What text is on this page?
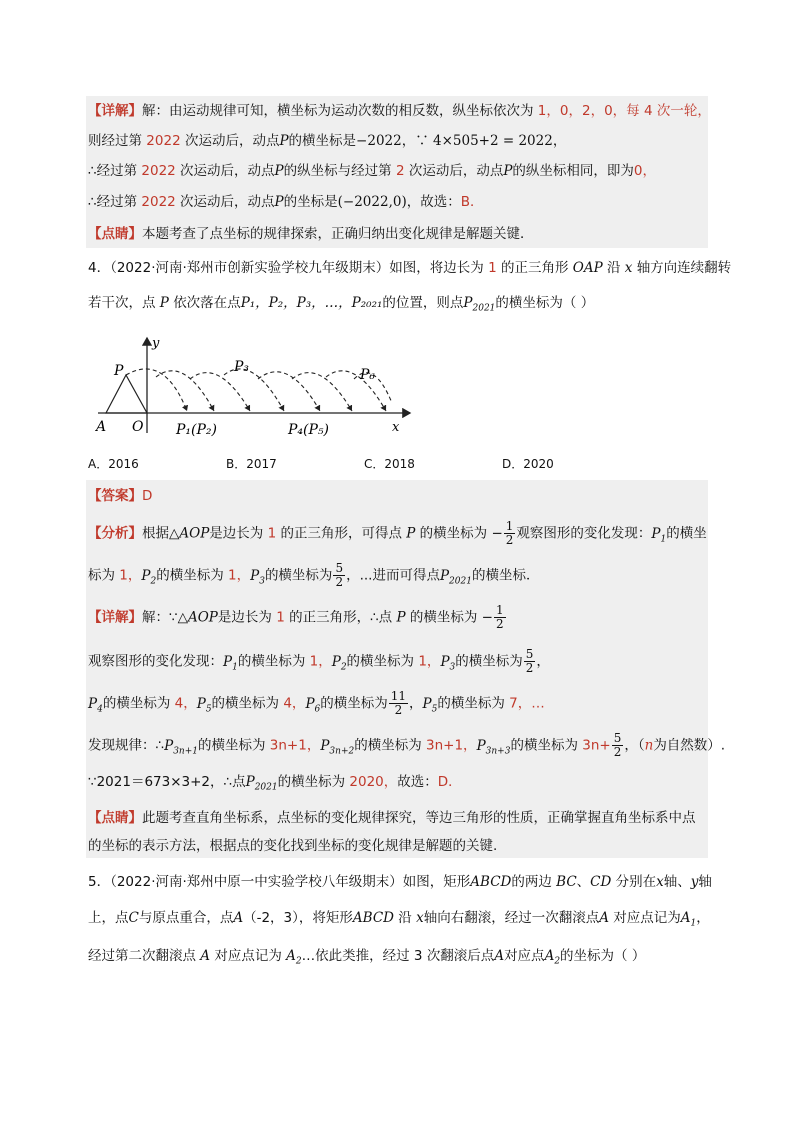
【详解】解：由运动规律可知，横坐标为运动次数的相反数，纵坐标依次为 1，0，2，0，每 4 次一轮，
则经过第 2022 次运动后，动点P的横坐标是−2022，∵ 4×505+2 = 2022，
∴经过第 2022 次运动后，动点P的纵坐标与经过第 2 次运动后，动点P的纵坐标相同，即为0，
∴经过第 2022 次运动后，动点P的坐标是(−2022,0)，故选：B．
【点睛】本题考查了点坐标的规律探索，正确归纳出变化规律是解题关键．
4．（2022·河南·郑州市创新实验学校九年级期末）如图，将边长为 1 的正三角形 OAP 沿 x 轴方向连续翻转
若干次，点 P 依次落在点P₁，P₂，P₃，…，P₂₀₂₁的位置，则点$P_{2021}$的横坐标为（ ）
y
x
P
A O P₁(P₂)
P₃
P₄(P₅)
P₆
A．2016	B．2017	C．2018	D．2020
【答案】D
【分析】根据△AOP是边长为 1 的正三角形，可得点 P 的横坐标为 − $\frac{1}{2}$ 观察图形的变化发现：$P_1$的横坐
标为 1，$P_2$的横坐标为 1，$P_3$的横坐标为 $\frac{5}{2}$ ，...进而可得点$P_{2021}$的横坐标．
【详解】解：∵△AOP是边长为 1 的正三角形，∴点 P 的横坐标为 − $\frac{1}{2}$
观察图形的变化发现：$P_1$的横坐标为 1，$P_2$的横坐标为 1，$P_3$的横坐标为 $\frac{5}{2}$ ，
$P_4$的横坐标为 4，$P_5$的横坐标为 4，$P_6$的横坐标为 $\frac{11}{2}$ ，$P_5$的横坐标为 7，…
发现规律：$\therefore P_{3n+1}$的横坐标为 3n+1，$P_{3n+2}$的横坐标为 3n+1，$P_{3n+3}$的横坐标为 $3n+ \frac{5}{2}$ ，（n为自然数）.
∵2021＝673×3+2，∴点$P_{2021}$的横坐标为 2020，故选：D．
【点睛】此题考查直角坐标系，点坐标的变化规律探究，等边三角形的性质，正确掌握直角坐标系中点
的坐标的表示方法，根据点的变化找到坐标的变化规律是解题的关键.
5．（2022·河南·郑州中原一中实验学校八年级期末）如图，矩形ABCD的两边 BC、CD 分别在x轴、y轴
上，点C与原点重合，点A（-2，3），将矩形ABCD 沿 x轴向右翻滚，经过一次翻滚点A 对应点记为$A_1$，
经过第二次翻滚点 A 对应点记为 $A_2\dots$依此类推，经过 3 次翻滚后点A对应点$A_2$的坐标为（ ）
